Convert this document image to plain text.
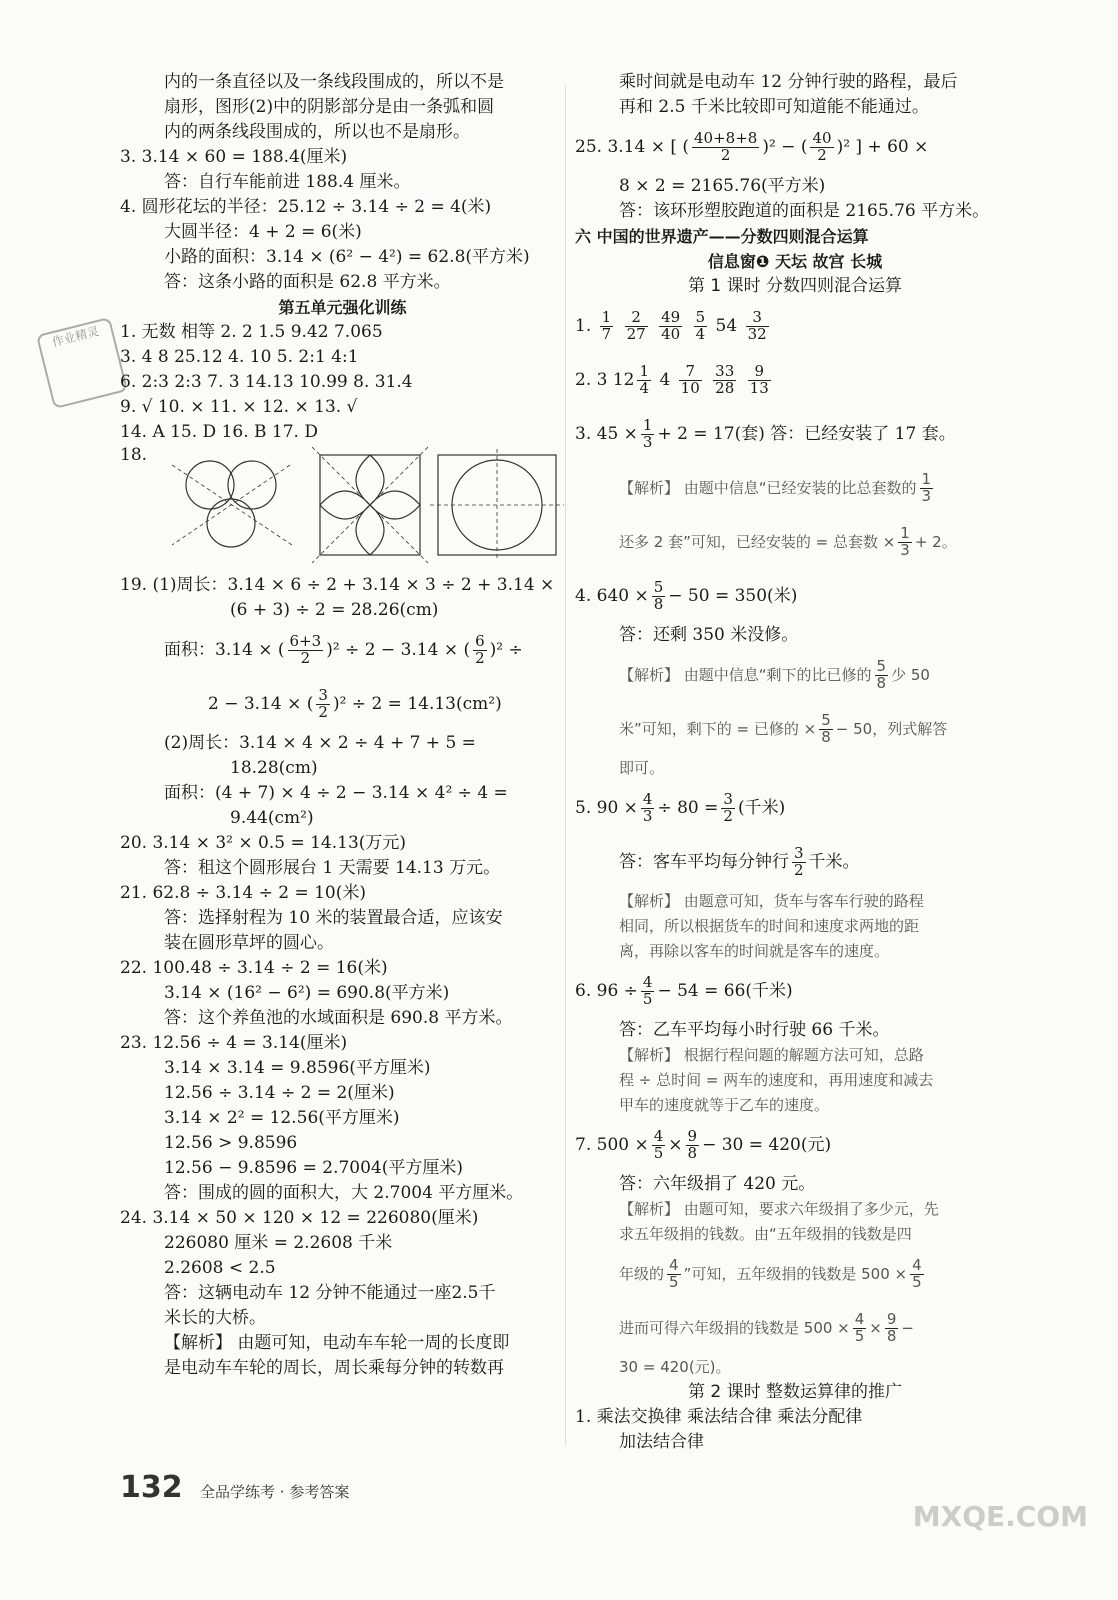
作业精灵
内的一条直径以及一条线段围成的，所以不是
扇形，图形(2)中的阴影部分是由一条弧和圆
内的两条线段围成的，所以也不是扇形。
3. 3.14 × 60 = 188.4(厘米)
答：自行车能前进 188.4 厘米。
4. 圆形花坛的半径：25.12 ÷ 3.14 ÷ 2 = 4(米)
大圆半径：4 + 2 = 6(米)
小路的面积：3.14 × (6² − 4²) = 62.8(平方米)
答：这条小路的面积是 62.8 平方米。
第五单元强化训练
1. 无数 相等 2. 2 1.5 9.42 7.065
3. 4 8 25.12 4. 10 5. 2:1 4:1
6. 2:3 2:3 7. 3 14.13 10.99 8. 31.4
9. √ 10. × 11. × 12. × 13. √
14. A 15. D 16. B 17. D
18.
19. (1)周长：3.14 × 6 ÷ 2 + 3.14 × 3 ÷ 2 + 3.14 ×
(6 + 3) ÷ 2 = 28.26(cm)
面积：3.14 × ( $\frac{6+3}{2} )^2 \div 2 - 3.14$ × ( $\frac{6}{2} )^2$ ÷
2 − 3.14 × ( $\frac{3}{2} )^2 \div 2 = 14.13(cm^2)$
(2)周长：3.14 × 4 × 2 ÷ 4 + 7 + 5 =
18.28(cm)
面积：(4 + 7) × 4 ÷ 2 − 3.14 × 4² ÷ 4 =
9.44(cm²)
20. 3.14 × 3² × 0.5 = 14.13(万元)
答：租这个圆形展台 1 天需要 14.13 万元。
21. 62.8 ÷ 3.14 ÷ 2 = 10(米)
答：选择射程为 10 米的装置最合适，应该安
装在圆形草坪的圆心。
22. 100.48 ÷ 3.14 ÷ 2 = 16(米)
3.14 × (16² − 6²) = 690.8(平方米)
答：这个养鱼池的水域面积是 690.8 平方米。
23. 12.56 ÷ 4 = 3.14(厘米)
3.14 × 3.14 = 9.8596(平方厘米)
12.56 ÷ 3.14 ÷ 2 = 2(厘米)
3.14 × 2² = 12.56(平方厘米)
12.56 > 9.8596
12.56 − 9.8596 = 2.7004(平方厘米)
答：围成的圆的面积大，大 2.7004 平方厘米。
24. 3.14 × 50 × 120 × 12 = 226080(厘米)
226080 厘米 = 2.2608 千米
2.2608 < 2.5
答：这辆电动车 12 分钟不能通过一座2.5千
米长的大桥。
【解析】 由题可知，电动车车轮一周的长度即
是电动车车轮的周长，周长乘每分钟的转数再
乘时间就是电动车 12 分钟行驶的路程，最后
再和 2.5 千米比较即可知道能不能通过。
25. 3.14 × [ ( $\frac{40+8+8}{2} )^2$ − ( $\frac{40}{2} )^2$ ] + 60 ×
8 × 2 = 2165.76(平方米)
答：该环形塑胶跑道的面积是 2165.76 平方米。
六 中国的世界遗产——分数四则混合运算
信息窗❶ 天坛 故宫 长城
第 1 课时 分数四则混合运算
1. $\frac{1}{7}$
$\frac{2}{27}$
$\frac{49}{40}$
$\frac{5}{4} 54 \frac{3}{32}$
2. 3 $12 \frac{1}{4} 4 \frac{7}{10}$
$\frac{33}{28}$
$\frac{9}{13}$
3. $45 \times \frac{1}{3} + 2 = 17$(套) 答：已经安装了 17 套。
【解析】 由题中信息“已经安装的比总套数的 $\frac{1}{3}$
还多 2 套”可知，已经安装的 = 总套数 × $\frac{1}{3} + 2$。
4. $640 \times \frac{5}{8} - 50 = 350$(米)
答：还剩 350 米没修。
【解析】 由题中信息“剩下的比已修的 $\frac{5}{8}$ 少 50
米”可知，剩下的 = 已修的 × $\frac{5}{8} - 50$，列式解答
即可。
5. $90 \times \frac{4}{3} \div 80 = \frac{3}{2}$ (千米)
答：客车平均每分钟行 $\frac{3}{2}$ 千米。
【解析】 由题意可知，货车与客车行驶的路程
相同，所以根据货车的时间和速度求两地的距
离，再除以客车的时间就是客车的速度。
6. $96 \div \frac{4}{5} - 54 = 66$(千米)
答：乙车平均每小时行驶 66 千米。
【解析】 根据行程问题的解题方法可知，总路
程 ÷ 总时间 = 两车的速度和，再用速度和减去
甲车的速度就等于乙车的速度。
7. $500 \times \frac{4}{5} \times \frac{9}{8} - 30 = 420$(元)
答：六年级捐了 420 元。
【解析】 由题可知，要求六年级捐了多少元，先
求五年级捐的钱数。由“五年级捐的钱数是四
年级的 $\frac{4}{5}$ ”可知，五年级捐的钱数是 $500 \times \frac{4}{5}$
进而可得六年级捐的钱数是 $500 \times \frac{4}{5} \times \frac{9}{8}$ −
30 = 420(元)。
第 2 课时 整数运算律的推广
1. 乘法交换律 乘法结合律 乘法分配律
加法结合律
132 全品学练考 · 参考答案
MXQE.COM
